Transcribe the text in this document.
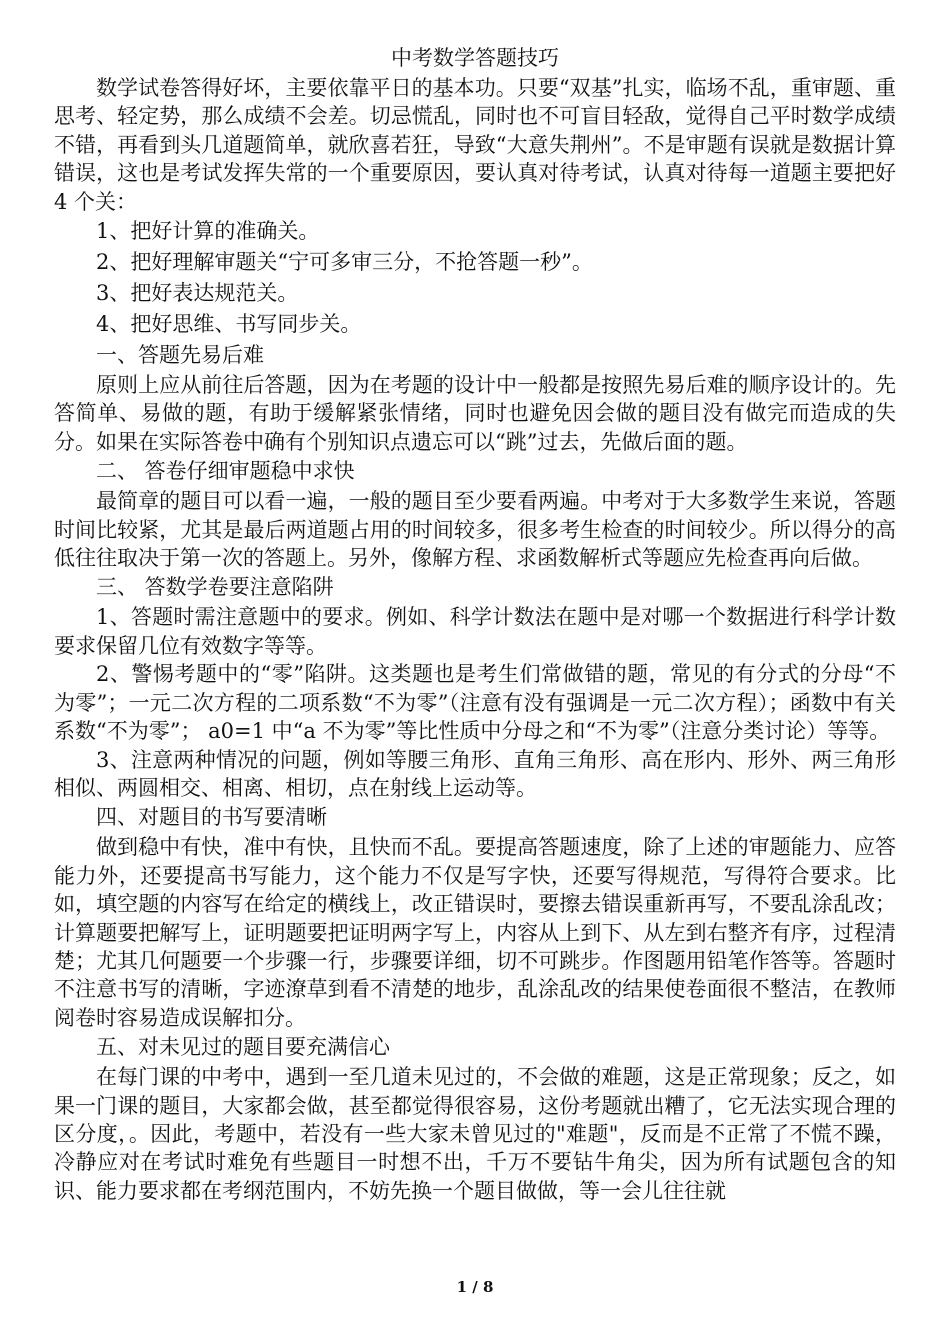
中考数学答题技巧

数学试卷答得好坏，主要依靠平日的基本功。只要“双基”扎实，临场不乱，重审题、重思考、轻定势，那么成绩不会差。切忌慌乱，同时也不可盲目轻敌，觉得自己平时数学成绩不错，再看到头几道题简单，就欣喜若狂，导致“大意失荆州”。不是审题有误就是数据计算错误，这也是考试发挥失常的一个重要原因，要认真对待考试，认真对待每一道题主要把好 4 个关：

1、把好计算的准确关。

2、把好理解审题关“宁可多审三分，不抢答题一秒”。

3、把好表达规范关。

4、把好思维、书写同步关。

一、答题先易后难

原则上应从前往后答题，因为在考题的设计中一般都是按照先易后难的顺序设计的。先答简单、易做的题，有助于缓解紧张情绪，同时也避免因会做的题目没有做完而造成的失分。如果在实际答卷中确有个别知识点遗忘可以“跳”过去，先做后面的题。

二、 答卷仔细审题稳中求快

最简章的题目可以看一遍，一般的题目至少要看两遍。中考对于大多数学生来说，答题时间比较紧，尤其是最后两道题占用的时间较多，很多考生检查的时间较少。所以得分的高低往往取决于第一次的答题上。另外，像解方程、求函数解析式等题应先检查再向后做。

三、 答数学卷要注意陷阱

1、答题时需注意题中的要求。例如、科学计数法在题中是对哪一个数据进行科学计数要求保留几位有效数字等等。

2、警惕考题中的“零”陷阱。这类题也是考生们常做错的题，常见的有分式的分母“不为零”；一元二次方程的二项系数“不为零”（注意有没有强调是一元二次方程）；函数中有关系数“不为零”； a0=1 中“a 不为零”等比性质中分母之和“不为零”（注意分类讨论）等等。

3、注意两种情况的问题，例如等腰三角形、直角三角形、高在形内、形外、两三角形相似、两圆相交、相离、相切，点在射线上运动等。

四、对题目的书写要清晰

做到稳中有快，准中有快，且快而不乱。要提高答题速度，除了上述的审题能力、应答能力外，还要提高书写能力，这个能力不仅是写字快，还要写得规范，写得符合要求。比如，填空题的内容写在给定的横线上，改正错误时，要擦去错误重新再写，不要乱涂乱改；计算题要把解写上，证明题要把证明两字写上，内容从上到下、从左到右整齐有序，过程清楚；尤其几何题要一个步骤一行，步骤要详细，切不可跳步。作图题用铅笔作答等。答题时不注意书写的清晰，字迹潦草到看不清楚的地步，乱涂乱改的结果使卷面很不整洁，在教师阅卷时容易造成误解扣分。

五、对未见过的题目要充满信心

在每门课的中考中，遇到一至几道未见过的，不会做的难题，这是正常现象；反之，如果一门课的题目，大家都会做，甚至都觉得很容易，这份考题就出糟了，它无法实现合理的区分度，。因此，考题中，若没有一些大家未曾见过的"难题"，反而是不正常了不慌不躁，冷静应对在考试时难免有些题目一时想不出，千万不要钻牛角尖，因为所有试题包含的知识、能力要求都在考纲范围内，不妨先换一个题目做做，等一会儿往往就

1 / 8
